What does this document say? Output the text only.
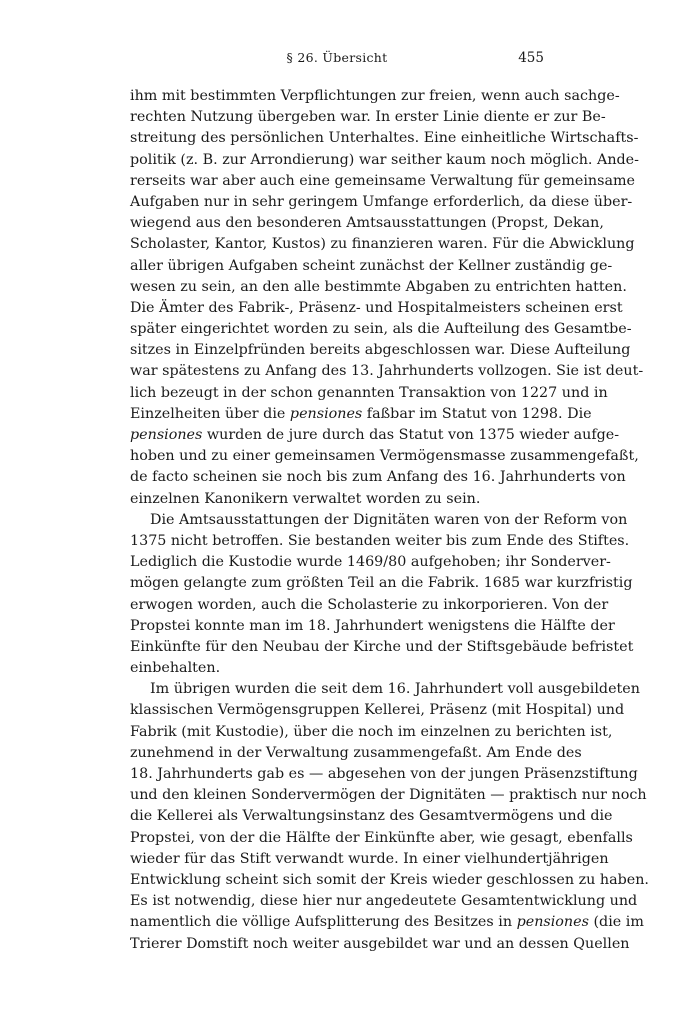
§ 26. Übersicht	455
ihm mit bestimmten Verpflichtungen zur freien, wenn auch sachge-
rechten Nutzung übergeben war. In erster Linie diente er zur Be-
streitung des persönlichen Unterhaltes. Eine einheitliche Wirtschafts-
politik (z. B. zur Arrondierung) war seither kaum noch möglich. Ande-
rerseits war aber auch eine gemeinsame Verwaltung für gemeinsame
Aufgaben nur in sehr geringem Umfange erforderlich, da diese über-
wiegend aus den besonderen Amtsausstattungen (Propst, Dekan,
Scholaster, Kantor, Kustos) zu finanzieren waren. Für die Abwicklung
aller übrigen Aufgaben scheint zunächst der Kellner zuständig ge-
wesen zu sein, an den alle bestimmte Abgaben zu entrichten hatten.
Die Ämter des Fabrik-, Präsenz- und Hospitalmeisters scheinen erst
später eingerichtet worden zu sein, als die Aufteilung des Gesamtbe-
sitzes in Einzelpfründen bereits abgeschlossen war. Diese Aufteilung
war spätestens zu Anfang des 13. Jahrhunderts vollzogen. Sie ist deut-
lich bezeugt in der schon genannten Transaktion von 1227 und in
Einzelheiten über die pensiones faßbar im Statut von 1298. Die
pensiones wurden de jure durch das Statut von 1375 wieder aufge-
hoben und zu einer gemeinsamen Vermögensmasse zusammengefaßt,
de facto scheinen sie noch bis zum Anfang des 16. Jahrhunderts von
einzelnen Kanonikern verwaltet worden zu sein.
Die Amtsausstattungen der Dignitäten waren von der Reform von
1375 nicht betroffen. Sie bestanden weiter bis zum Ende des Stiftes.
Lediglich die Kustodie wurde 1469/80 aufgehoben; ihr Sonderver-
mögen gelangte zum größten Teil an die Fabrik. 1685 war kurzfristig
erwogen worden, auch die Scholasterie zu inkorporieren. Von der
Propstei konnte man im 18. Jahrhundert wenigstens die Hälfte der
Einkünfte für den Neubau der Kirche und der Stiftsgebäude befristet
einbehalten.
Im übrigen wurden die seit dem 16. Jahrhundert voll ausgebildeten
klassischen Vermögensgruppen Kellerei, Präsenz (mit Hospital) und
Fabrik (mit Kustodie), über die noch im einzelnen zu berichten ist,
zunehmend in der Verwaltung zusammengefaßt. Am Ende des
18. Jahrhunderts gab es — abgesehen von der jungen Präsenzstiftung
und den kleinen Sondervermögen der Dignitäten — praktisch nur noch
die Kellerei als Verwaltungsinstanz des Gesamtvermögens und die
Propstei, von der die Hälfte der Einkünfte aber, wie gesagt, ebenfalls
wieder für das Stift verwandt wurde. In einer vielhundertjährigen
Entwicklung scheint sich somit der Kreis wieder geschlossen zu haben.
Es ist notwendig, diese hier nur angedeutete Gesamtentwicklung und
namentlich die völlige Aufsplitterung des Besitzes in pensiones (die im
Trierer Domstift noch weiter ausgebildet war und an dessen Quellen
